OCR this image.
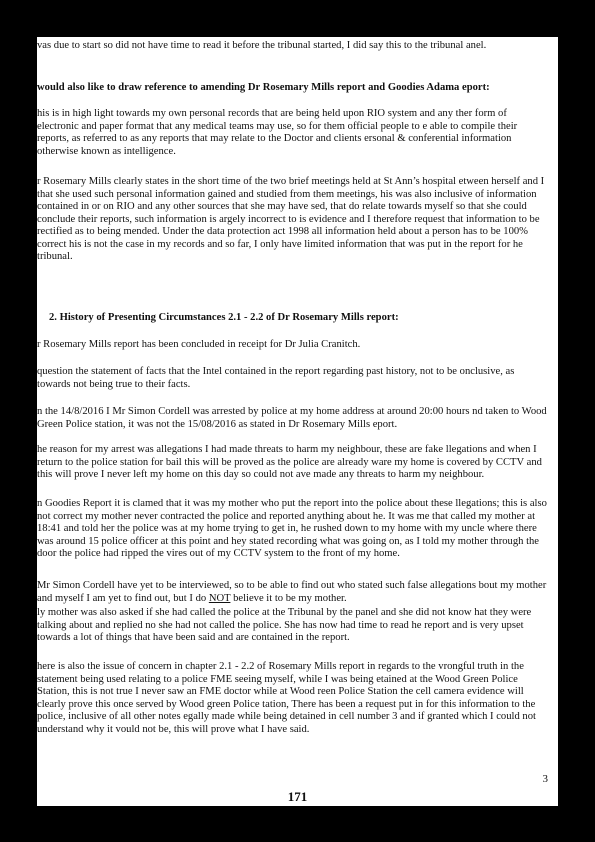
vas due to start so did not have time to read it before the tribunal started, I did say this to the tribunal anel.

would also like to draw reference to amending Dr Rosemary Mills report and Goodies Adama eport:

his is in high light towards my own personal records that are being held upon RIO system and any ther form of electronic and paper format that any medical teams may use, so for them official people to e able to compile their reports, as referred to as any reports that may relate to the Doctor and clients ersonal & conferential information otherwise known as intelligence.

r Rosemary Mills clearly states in the short time of the two brief meetings held at St Ann’s hospital etween herself and I that she used such personal information gained and studied from them meetings, his was also inclusive of information contained in or on RIO and any other sources that she may have sed, that do relate towards myself so that she could conclude their reports, such information is argely incorrect to is evidence and I therefore request that information to be rectified as to being mended. Under the data protection act 1998 all information held about a person has to be 100% correct his is not the case in my records and so far, I only have limited information that was put in the report for he tribunal.

2. History of Presenting Circumstances 2.1 - 2.2 of Dr Rosemary Mills report:

r Rosemary Mills report has been concluded in receipt for Dr Julia Cranitch.

question the statement of facts that the Intel contained in the report regarding past history, not to be onclusive, as towards not being true to their facts.

n the 14/8/2016 I Mr Simon Cordell was arrested by police at my home address at around 20:00 hours nd taken to Wood Green Police station, it was not the 15/08/2016 as stated in Dr Rosemary Mills eport.

he reason for my arrest was allegations I had made threats to harm my neighbour, these are fake llegations and when I return to the police station for bail this will be proved as the police are already ware my home is covered by CCTV and this will prove I never left my home on this day so could not ave made any threats to harm my neighbour.

n Goodies Report it is clamed that it was my mother who put the report into the police about these llegations; this is also not correct my mother never contracted the police and reported anything about he. It was me that called my mother at 18:41 and told her the police was at my home trying to get in, he rushed down to my home with my uncle where there was around 15 police officer at this point and hey stated recording what was going on, as I told my mother through the door the police had ripped the vires out of my CCTV system to the front of my home.

Mr Simon Cordell have yet to be interviewed, so to be able to find out who stated such false allegations bout my mother and myself I am yet to find out, but I do NOT believe it to be my mother.

ly mother was also asked if she had called the police at the Tribunal by the panel and she did not know hat they were talking about and replied no she had not called the police. She has now had time to read he report and is very upset towards a lot of things that have been said and are contained in the report.

here is also the issue of concern in chapter 2.1 - 2.2 of Rosemary Mills report in regards to the vrongful truth in the statement being used relating to a police FME seeing myself, while I was being etained at the Wood Green Police Station, this is not true I never saw an FME doctor while at Wood reen Police Station the cell camera evidence will clearly prove this once served by Wood green Police tation, There has been a request put in for this information to the police, inclusive of all other notes egally made while being detained in cell number 3 and if granted which I could not understand why it vould not be, this will prove what I have said.

3
171
